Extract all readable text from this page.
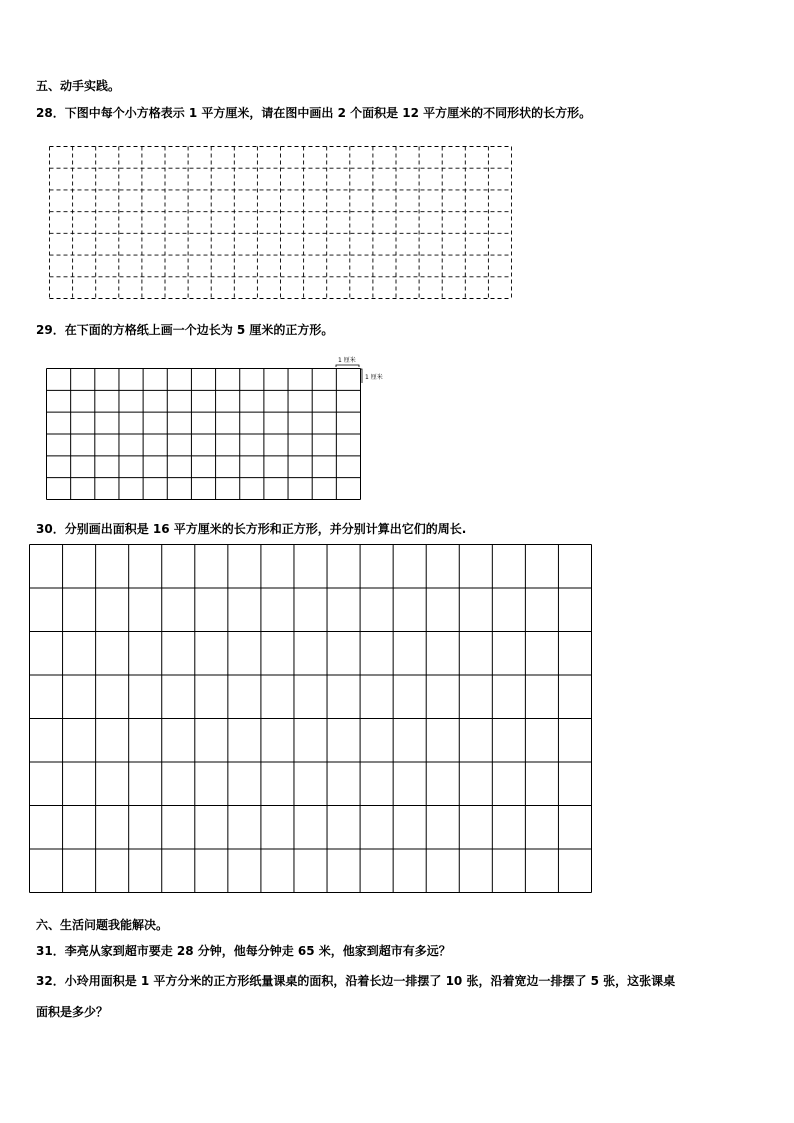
五、动手实践。
28．下图中每个小方格表示 1 平方厘米，请在图中画出 2 个面积是 12 平方厘米的不同形状的长方形。
29．在下面的方格纸上画一个边长为 5 厘米的正方形。
1 厘米
1 厘米
30．分别画出面积是 16 平方厘米的长方形和正方形，并分别计算出它们的周长.
六、生活问题我能解决。
31．李亮从家到超市要走 28 分钟，他每分钟走 65 米，他家到超市有多远？
32．小玲用面积是 1 平方分米的正方形纸量课桌的面积，沿着长边一排摆了 10 张，沿着宽边一排摆了 5 张，这张课桌
面积是多少？
